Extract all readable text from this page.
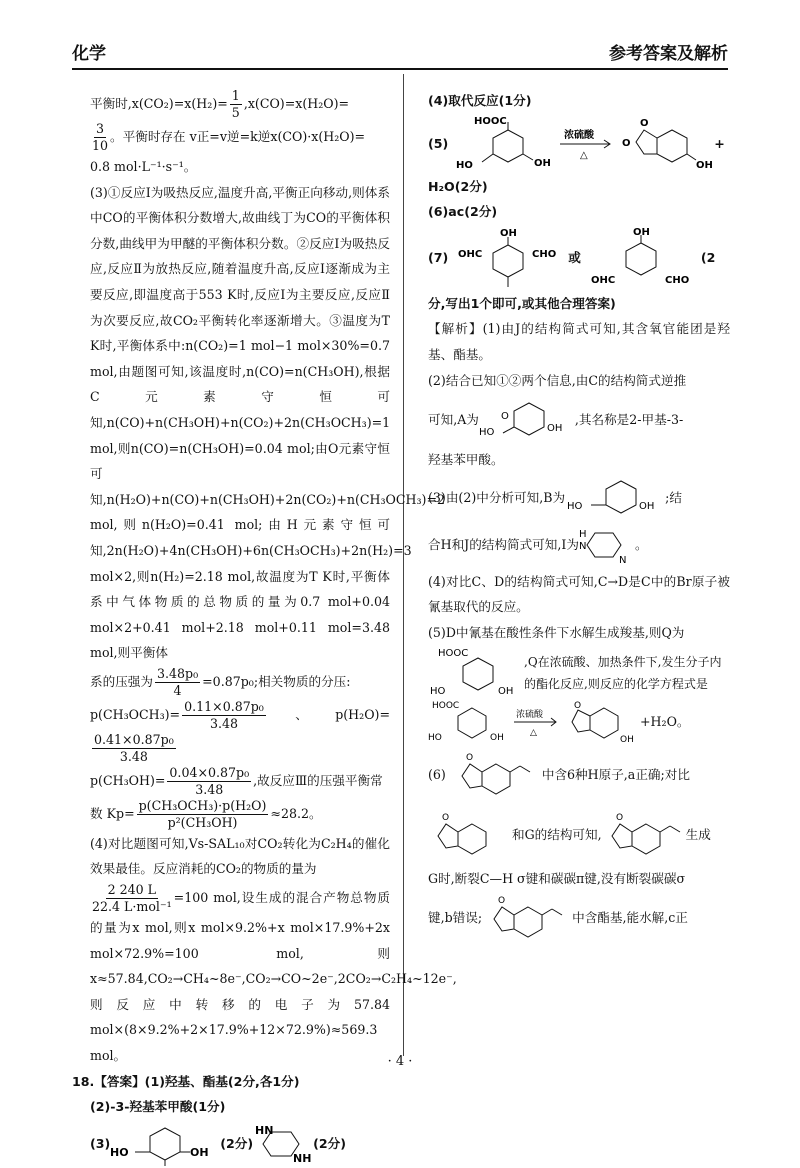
化学	参考答案及解析

平衡时$,x(CO_2)=x(H_2)= \frac{1}{5} ,x(CO)=x(H_2O)=$

$\frac{3}{10}$ 。平衡时存在 v正=v逆=k逆x(CO)·x(H₂O)=

0.8 mol·L⁻¹·s⁻¹。

(3)①反应Ⅰ为吸热反应,温度升高,平衡正向移动,则体系中CO的平衡体积分数增大,故曲线丁为CO的平衡体积分数,曲线甲为甲醚的平衡体积分数。②反应Ⅰ为吸热反应,反应Ⅱ为放热反应,随着温度升高,反应Ⅰ逐渐成为主要反应,即温度高于553 K时,反应Ⅰ为主要反应,反应Ⅱ为次要反应,故CO₂平衡转化率逐渐增大。③温度为T K时,平衡体系中:n(CO₂)=1 mol−1 mol×30%=0.7 mol,由题图可知,该温度时,n(CO)=n(CH₃OH),根据C元素守恒可知,n(CO)+n(CH₃OH)+n(CO₂)+2n(CH₃OCH₃)=1 mol,则n(CO)=n(CH₃OH)=0.04 mol;由O元素守恒可知,n(H₂O)+n(CO)+n(CH₃OH)+2n(CO₂)+n(CH₃OCH₃)=2 mol,则n(H₂O)=0.41 mol;由H元素守恒可知,2n(H₂O)+4n(CH₃OH)+6n(CH₃OCH₃)+2n(H₂)=3 mol×2,则n(H₂)=2.18 mol,故温度为T K时,平衡体系中气体物质的总物质的量为0.7 mol+0.04 mol×2+0.41 mol+2.18 mol+0.11 mol=3.48 mol,则平衡体

系的压强为 $\frac{\text{3.48p₀}}{4} =0.87p_0$;相关物质的分压:

$p(CH_3OCH_3)= \frac{\text{0.11×0.87p₀}}{3.48}$ 、p(H₂O)=
$\frac{\text{0.41×0.87p₀}}{3.48}$

$p(CH_3OH)= \frac{\text{0.04×0.87p₀}}{3.48}$ ,故反应Ⅲ的压强平衡常

数 $Kp= \frac{\text{p(CH₃OCH₃)·p(H₂O)}}{\text{p²(CH₃OH)}} \approx 28.2$。

(4)对比题图可知,Vs-SAL₁₀对CO₂转化为C₂H₄的催化效果最佳。反应消耗的CO₂的物质的量为

$\frac{2 240 L}{\text{22.4 L·mol⁻¹}} =100$ mol,设生成的混合产物总物质的量为x mol,则x mol×9.2%+x mol×17.9%+2x mol×72.9%=100 mol,则x≈57.84,CO₂→CH₄~8e⁻,CO₂→CO~2e⁻,2CO₂→C₂H₄~12e⁻,则反应中转移的电子为57.84 mol×(8×9.2%+2×17.9%+12×72.9%)≈569.3 mol。

18.【答案】(1)羟基、酯基(2分,各1分)

(2)-3-羟基苯甲酸(1分)

(3)
HO	OH
(2分)
HN
NH
(2分)

(4)取代反应(1分)

(5)
HOOC
HO	OH
浓硫酸
△
O
O
OH
+

H₂O(2分)

(6)ac(2分)

(7)
OH
OHC	CHO 或
OH
OHC	CHO
(2

分,写出1个即可,或其他合理答案)

【解析】(1)由J的结构简式可知,其含氧官能团是羟基、酯基。

(2)结合已知①②两个信息,由C的结构简式逆推

可知,A为
HO
O
OH
,其名称是2-甲基-3-

羟基苯甲酸。

(3)由(2)中分析可知,B为
HO	OH
;结
合H和J的结构简式可知,I为
H
N
N
。

(4)对比C、D的结构简式可知,C→D是C中的Br原子被氰基取代的反应。

(5)D中氰基在酸性条件下水解生成羧基,则Q为

HOOC
HO	OH
,Q在浓硫酸、加热条件下,发生分子内的酯化反应,则反应的化学方程式是
HOOC
HO	OH
浓硫酸
△
O
OH
+H₂O。
(6)
O
中含6种H原子,a正确;对比
O
和G的结构可知,
O
生成

G时,断裂C—H σ键和碳碳π键,没有断裂碳碳σ

键,b错误;
O
中含酯基,能水解,c正
· 4 ·
